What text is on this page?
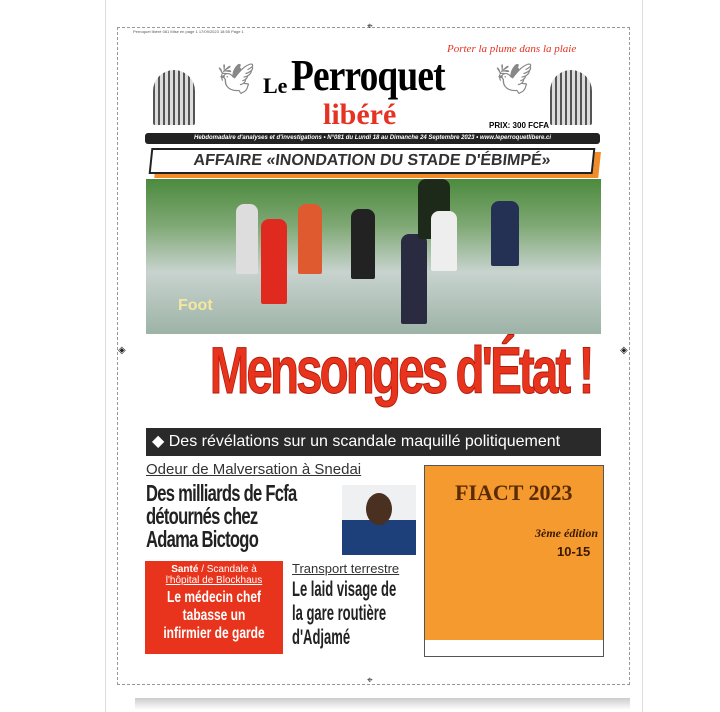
⌖
⌖
◈	◈
Perroquet libéré 081 Mise en page 1 17/09/2023 18:55 Page 1
🕊	🕊
Le Perroquet
libéré
Porter la plume dans la plaie
PRIX: 300 FCFA
Hebdomadaire d'analyses et d'investigations • N°081 du Lundi 18 au Dimanche 24 Septembre 2023 • www.leperroquetlibere.ci
AFFAIRE «INONDATION DU STADE D'ÉBIMPÉ»
Foot
Mensonges d'État !
◆ Des révélations sur un scandale maquillé politiquement
Odeur de Malversation à Snedai
Des milliards de Fcfa
détournés chez
Adama Bictogo
Santé / Scandale à
l'hôpital de Blockhaus
Le médecin chef
tabasse un
infirmier de garde
Transport terrestre
Le laid visage de
la gare routière
d'Adjamé
FIACT 2023
3ème édition
10-15
